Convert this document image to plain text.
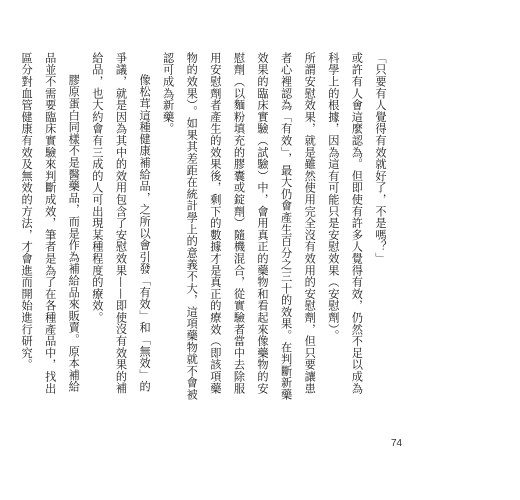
「只要有人覺得有效就好了，不是嗎？」

或許有人會這麼認為。但即使有許多人覺得有效，仍然不足以成為科學上的根據，因為這有可能只是安慰效果（安慰劑）。

所謂安慰效果，就是雖然使用完全沒有效用的安慰劑，但只要讓患者心裡認為「有效」，最大仍會產生百分之三十的效果。在判斷新藥效果的臨床實驗（試驗）中，會用真正的藥物和看起來像藥物的安慰劑（以麵粉填充的膠囊或錠劑）隨機混合，從實驗者當中去除服用安慰劑者產生的效果後，剩下的數據才是真正的療效（即該項藥物的效果）。如果其差距在統計學上的意義不大，這項藥物就不會被認可成為新藥。

像松茸這種健康補給品，之所以會引發「有效」和「無效」的爭議，就是因為其中的效用包含了安慰效果——即使沒有效果的補給品，也大約會有三成的人可出現某種程度的療效。

膠原蛋白同樣不是醫藥品，而是作為補給品來販賣。原本補給品並不需要臨床實驗來判斷成效，筆者是為了在各種產品中，找出區分對血管健康有效及無效的方法，才會進而開始進行研究。

74
